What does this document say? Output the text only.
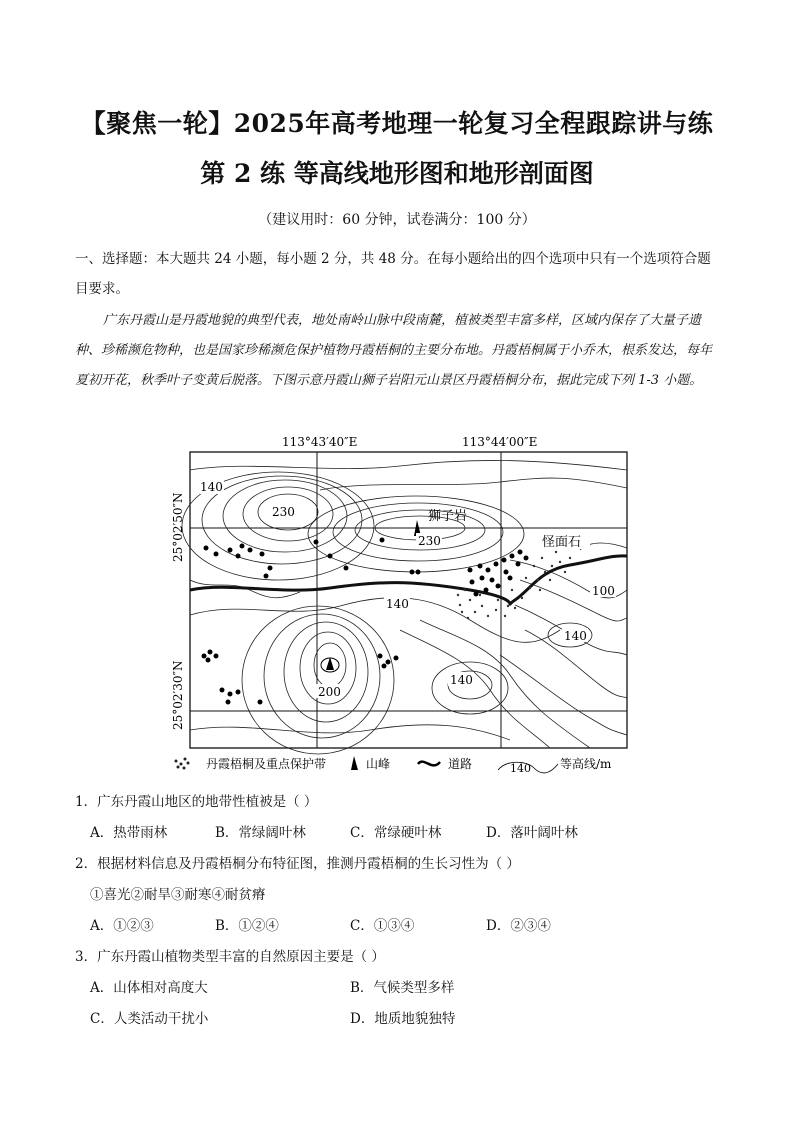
【聚焦一轮】2025年高考地理一轮复习全程跟踪讲与练
第 2 练 等高线地形图和地形剖面图
（建议用时：60 分钟，试卷满分：100 分）
一、选择题：本大题共 24 小题，每小题 2 分，共 48 分。在每小题给出的四个选项中只有一个选项符合题目要求。
广东丹霞山是丹霞地貌的典型代表，地处南岭山脉中段南麓，植被类型丰富多样，区域内保存了大量子遗种、珍稀濒危物种，也是国家珍稀濒危保护植物丹霞梧桐的主要分布地。丹霞梧桐属于小乔木，根系发达，每年夏初开花，秋季叶子变黄后脱落。下图示意丹霞山狮子岩阳元山景区丹霞梧桐分布，据此完成下列 1-3 小题。
113°43′40″E	113°44′00″E
25°02′50″N
25°02′30″N
140
230
230
140
100
140
140
200
狮子岩
怪面石
丹霞梧桐及重点保护带	山峰	道路	140 等高线/m
1．广东丹霞山地区的地带性植被是（ ）
A．热带雨林	B．常绿阔叶林	C．常绿硬叶林	D．落叶阔叶林
2．根据材料信息及丹霞梧桐分布特征图，推测丹霞梧桐的生长习性为（ ）
①喜光②耐旱③耐寒④耐贫瘠
A．①②③	B．①②④	C．①③④	D．②③④
3．广东丹霞山植物类型丰富的自然原因主要是（ ）
A．山体相对高度大	B．气候类型多样
C．人类活动干扰小	D．地质地貌独特
